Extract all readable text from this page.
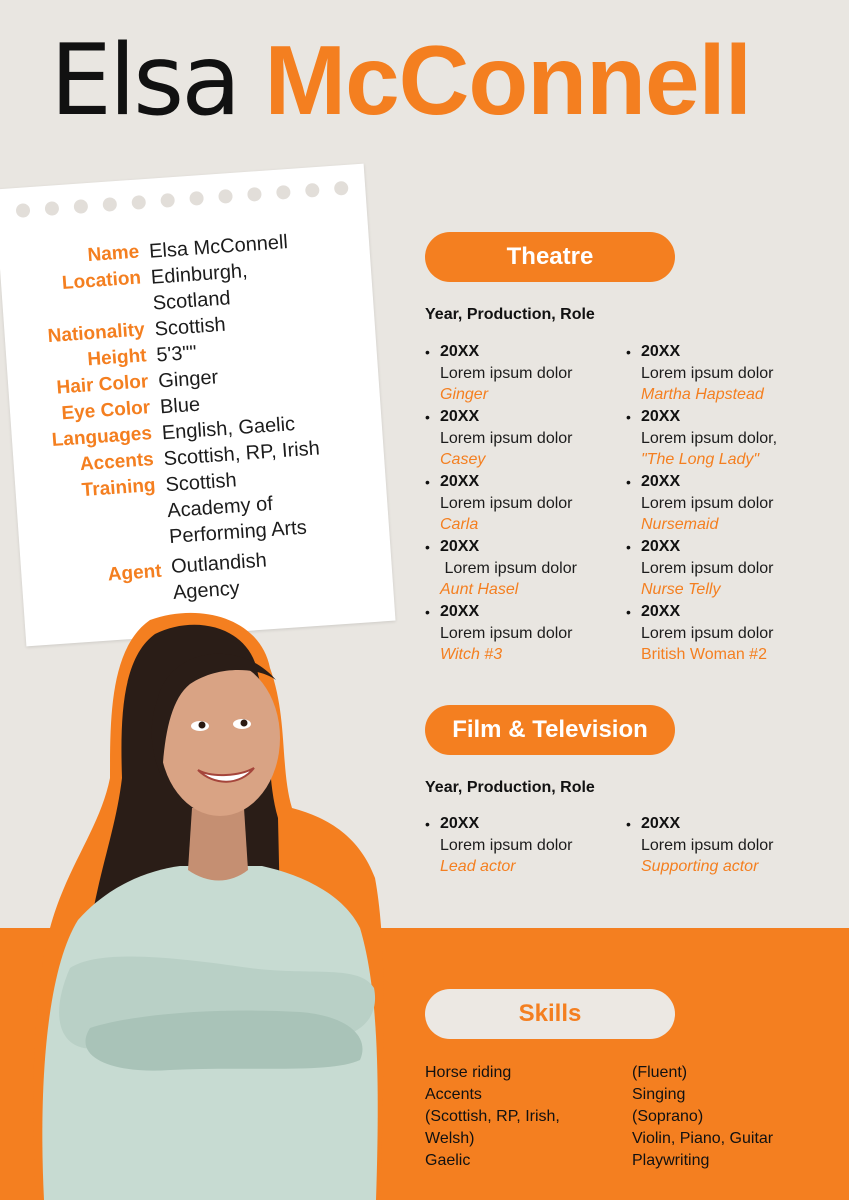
Elsa McConnell
Name Elsa McConnell
Location Edinburgh,
Scotland
Nationality Scottish
Height 5'3""
Hair Color Ginger
Eye Color Blue
Languages English, Gaelic
Accents Scottish, RP, Irish
Training Scottish
Academy of
Performing Arts
Agent Outlandish
Agency
Theatre
Year, Production, Role
• 20XX
Lorem ipsum dolor
Ginger
• 20XX
Lorem ipsum dolor
Casey
• 20XX
Lorem ipsum dolor
Carla
• 20XX
Lorem ipsum dolor
Aunt Hasel
• 20XX
Lorem ipsum dolor
Witch #3
• 20XX
Lorem ipsum dolor
Martha Hapstead
• 20XX
Lorem ipsum dolor,
"The Long Lady"
• 20XX
Lorem ipsum dolor
Nursemaid
• 20XX
Lorem ipsum dolor
Nurse Telly
• 20XX
Lorem ipsum dolor
British Woman #2
Film & Television
Year, Production, Role
• 20XX
Lorem ipsum dolor
Lead actor
• 20XX
Lorem ipsum dolor
Supporting actor
Skills
Horse riding
Accents
(Scottish, RP, Irish,
Welsh)
Gaelic
(Fluent)
Singing
(Soprano)
Violin, Piano, Guitar
Playwriting
